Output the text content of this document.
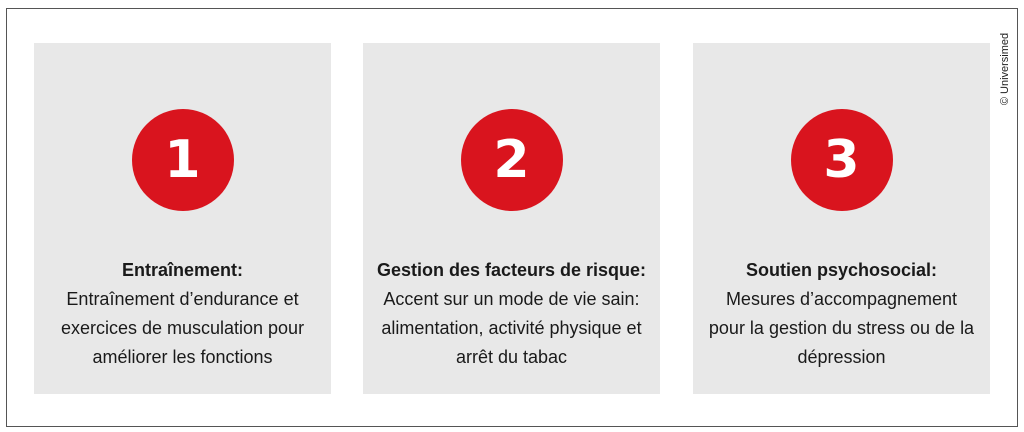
1
Entraînement:
Entraînement d’endurance et
exercices de musculation pour
améliorer les fonctions
2
Gestion des facteurs de risque:
Accent sur un mode de vie sain:
alimentation, activité physique et
arrêt du tabac
3
Soutien psychosocial:
Mesures d’accompagnement
pour la gestion du stress ou de la
dépression
© Universimed
